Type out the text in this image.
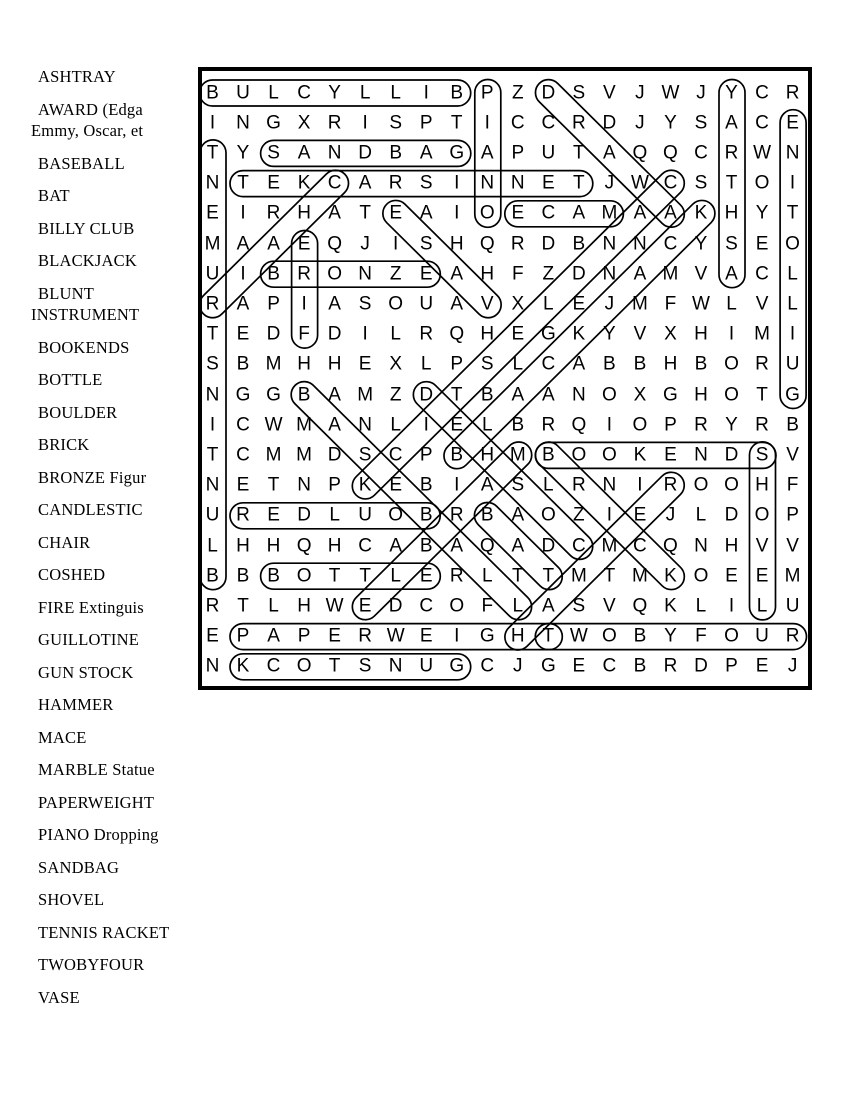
ASHTRAY
AWARD (Edga
Emmy, Oscar, et
BASEBALL
BAT
BILLY CLUB
BLACKJACK
BLUNT
INSTRUMENT
BOOKENDS
BOTTLE
BOULDER
BRICK
BRONZE Figur
CANDLESTIC
CHAIR
COSHED
FIRE Extinguis
GUILLOTINE
GUN STOCK
HAMMER
MACE
MARBLE Statue
PAPERWEIGHT
PIANO Dropping
SANDBAG
SHOVEL
TENNIS RACKET
TWOBYFOUR
VASE
B U L C Y L L I B P Z D S V J W J Y C R
I N G X R I S P T I C C R D J Y S A C E
T Y S A N D B A G A P U T A Q Q C R W N
N T E K C A R S I N N E T J W C S T O I
E I R H A T E A I O E C A M A A K H Y T
M A A E Q J I S H Q R D B N N C Y S E O
U I B R O N Z E A H F Z D N A M V A C L
R A P I A S O U A V X L E J M F W L V L
T E D F D I L R Q H E G K Y V X H I M I
S B M H H E X L P S L C A B B H B O R U
N G G B A M Z D T B A A N O X G H O T G
I C W M A N L I E L B R Q I O P R Y R B
T C M M D S C P B H M B O O K E N D S V
N E T N P K E B I A S L R N I R O O H F
U R E D L U O B R B A O Z I E J L D O P
L H H Q H C A B A Q A D C M C Q N H V V
B B B O T T L E R L T T M T M K O E E M
R T L H W E D C O F L A S V Q K L I L U
E P A P E R W E I G H T W O B Y F O U R
N K C O T S N U G C J G E C B R D P E J
